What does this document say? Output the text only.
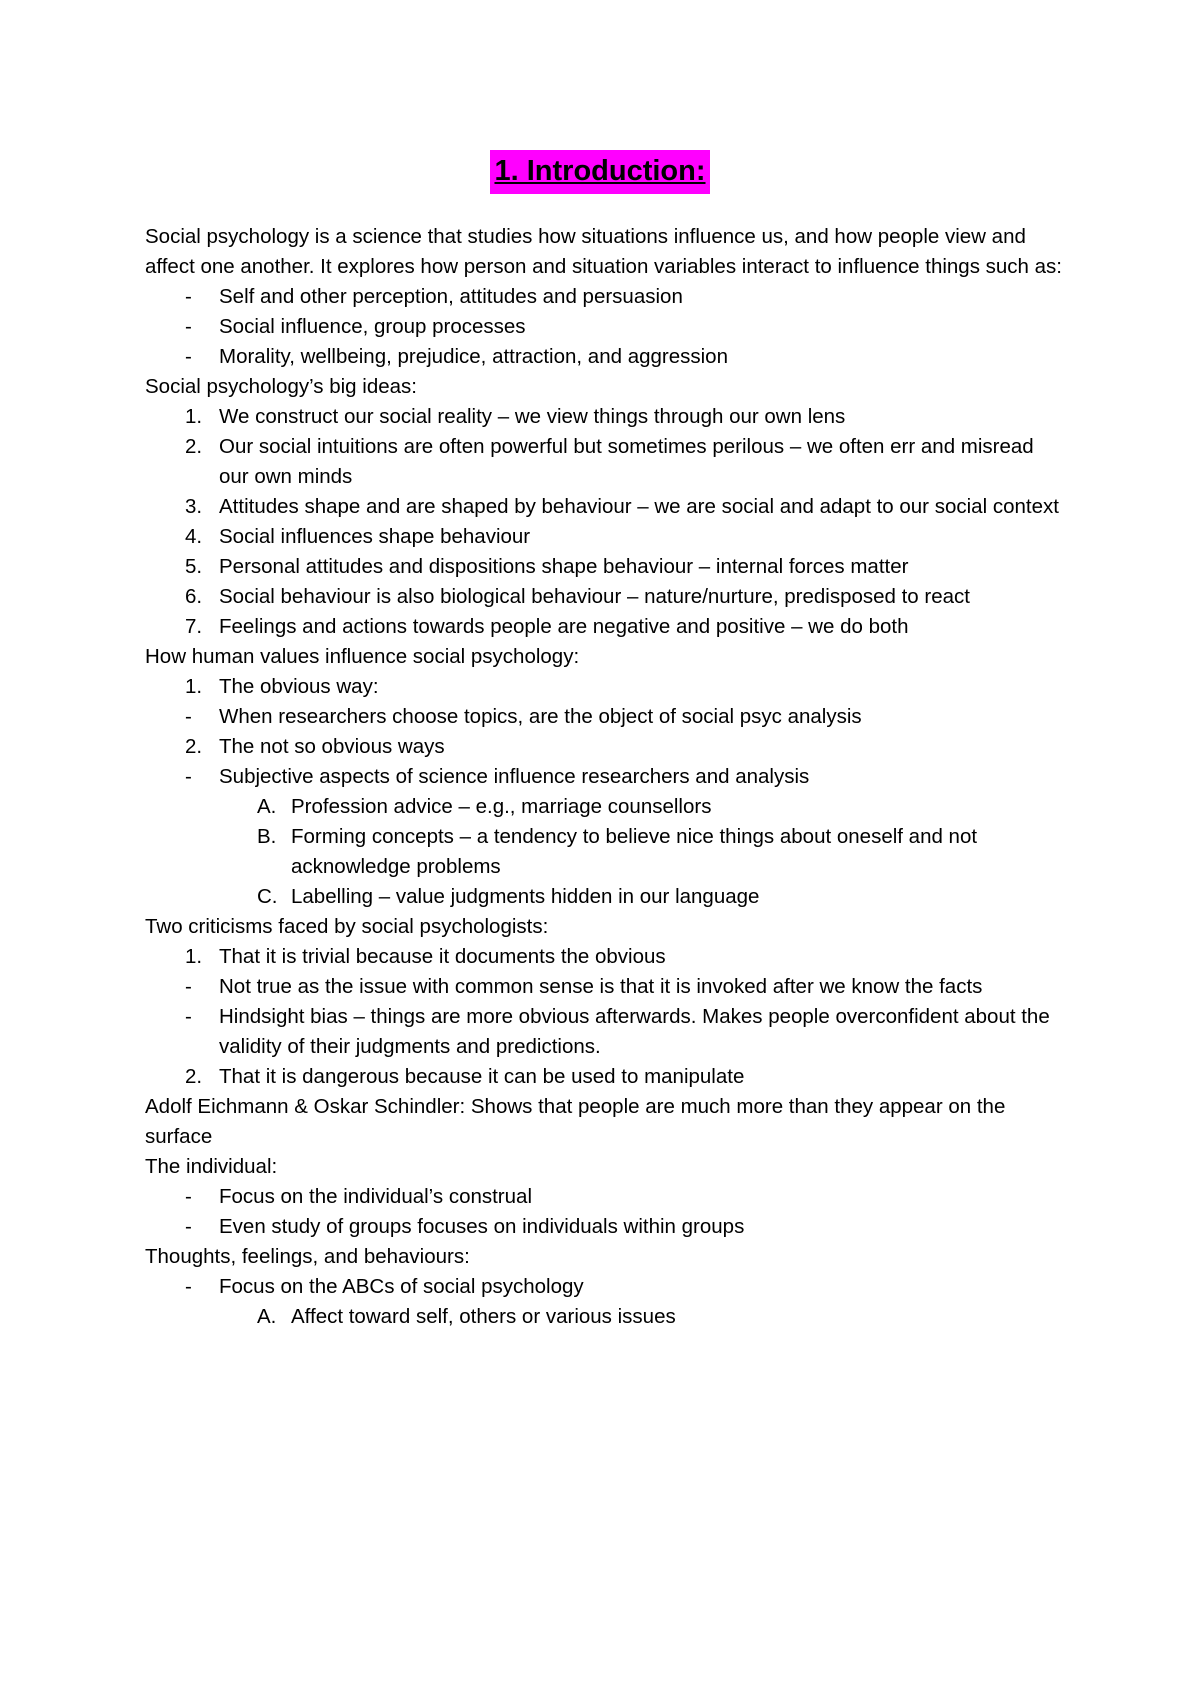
1. Introduction:

Social psychology is a science that studies how situations influence us, and how people view and affect one another. It explores how person and situation variables interact to influence things such as:

- Self and other perception, attitudes and persuasion
- Social influence, group processes
- Morality, wellbeing, prejudice, attraction, and aggression

Social psychology’s big ideas:

1. We construct our social reality – we view things through our own lens
2. Our social intuitions are often powerful but sometimes perilous – we often err and misread our own minds
3. Attitudes shape and are shaped by behaviour – we are social and adapt to our social context
4. Social influences shape behaviour
5. Personal attitudes and dispositions shape behaviour – internal forces matter
6. Social behaviour is also biological behaviour – nature/nurture, predisposed to react
7. Feelings and actions towards people are negative and positive – we do both

How human values influence social psychology:

1. The obvious way:
- When researchers choose topics, are the object of social psyc analysis
2. The not so obvious ways
- Subjective aspects of science influence researchers and analysis
A. Profession advice – e.g., marriage counsellors
B. Forming concepts – a tendency to believe nice things about oneself and not acknowledge problems
C. Labelling – value judgments hidden in our language

Two criticisms faced by social psychologists:

1. That it is trivial because it documents the obvious
- Not true as the issue with common sense is that it is invoked after we know the facts
- Hindsight bias – things are more obvious afterwards. Makes people overconfident about the validity of their judgments and predictions.
2. That it is dangerous because it can be used to manipulate

Adolf Eichmann & Oskar Schindler: Shows that people are much more than they appear on the surface

The individual:

- Focus on the individual’s construal
- Even study of groups focuses on individuals within groups

Thoughts, feelings, and behaviours:

- Focus on the ABCs of social psychology
A. Affect toward self, others or various issues
